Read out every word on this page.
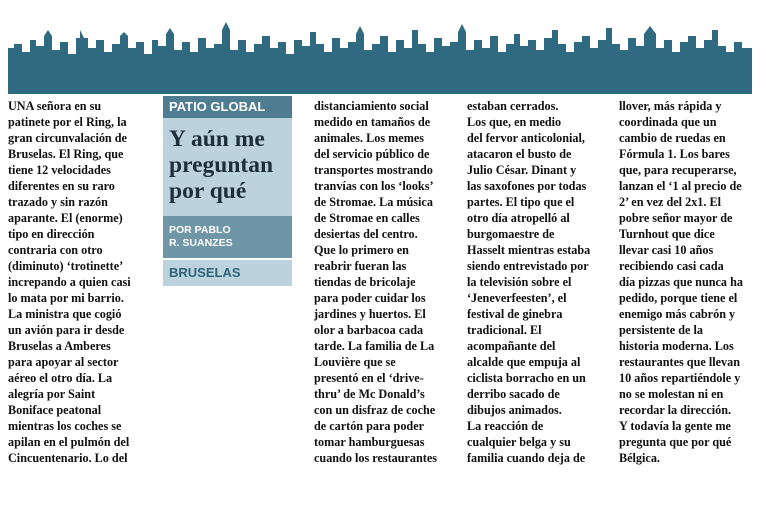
UNA señora en su
patinete por el Ring, la
gran circunvalación de
Bruselas. El Ring, que
tiene 12 velocidades
diferentes en su raro
trazado y sin razón
aparante. El (enorme)
tipo en dirección
contraria con otro
(diminuto) ‘trotinette’
increpando a quien casi
lo mata por mi barrio.
La ministra que cogió
un avión para ir desde
Bruselas a Amberes
para apoyar al sector
aéreo el otro día. La
alegría por Saint
Boniface peatonal
mientras los coches se
apilan en el pulmón del
Cincuentenario. Lo del
PATIO GLOBAL
Y aún me preguntan por qué
POR PABLO
R. SUANZES
BRUSELAS
distanciamiento social
medido en tamaños de
animales. Los memes
del servicio público de
transportes mostrando
tranvías con los ‘looks’
de Stromae. La música
de Stromae en calles
desiertas del centro.
Que lo primero en
reabrir fueran las
tiendas de bricolaje
para poder cuidar los
jardines y huertos. El
olor a barbacoa cada
tarde. La familia de La
Louvière que se
presentó en el ‘drive-
thru’ de Mc Donald’s
con un disfraz de coche
de cartón para poder
tomar hamburguesas
cuando los restaurantes
estaban cerrados.
Los que, en medio
del fervor anticolonial,
atacaron el busto de
Julio César. Dinant y
las saxofones por todas
partes. El tipo que el
otro día atropelló al
burgomaestre de
Hasselt mientras estaba
siendo entrevistado por
la televisión sobre el
‘Jeneverfeesten’, el
festival de ginebra
tradicional. El
acompañante del
alcalde que empuja al
ciclista borracho en un
derribo sacado de
dibujos animados.
La reacción de
cualquier belga y su
familia cuando deja de
llover, más rápida y
coordinada que un
cambio de ruedas en
Fórmula 1. Los bares
que, para recuperarse,
lanzan el ‘1 al precio de
2’ en vez del 2x1. El
pobre señor mayor de
Turnhout que dice
llevar casi 10 años
recibiendo casi cada
día pizzas que nunca ha
pedido, porque tiene el
enemigo más cabrón y
persistente de la
historia moderna. Los
restaurantes que llevan
10 años repartiéndole y
no se molestan ni en
recordar la dirección.
Y todavía la gente me
pregunta que por qué
Bélgica.
